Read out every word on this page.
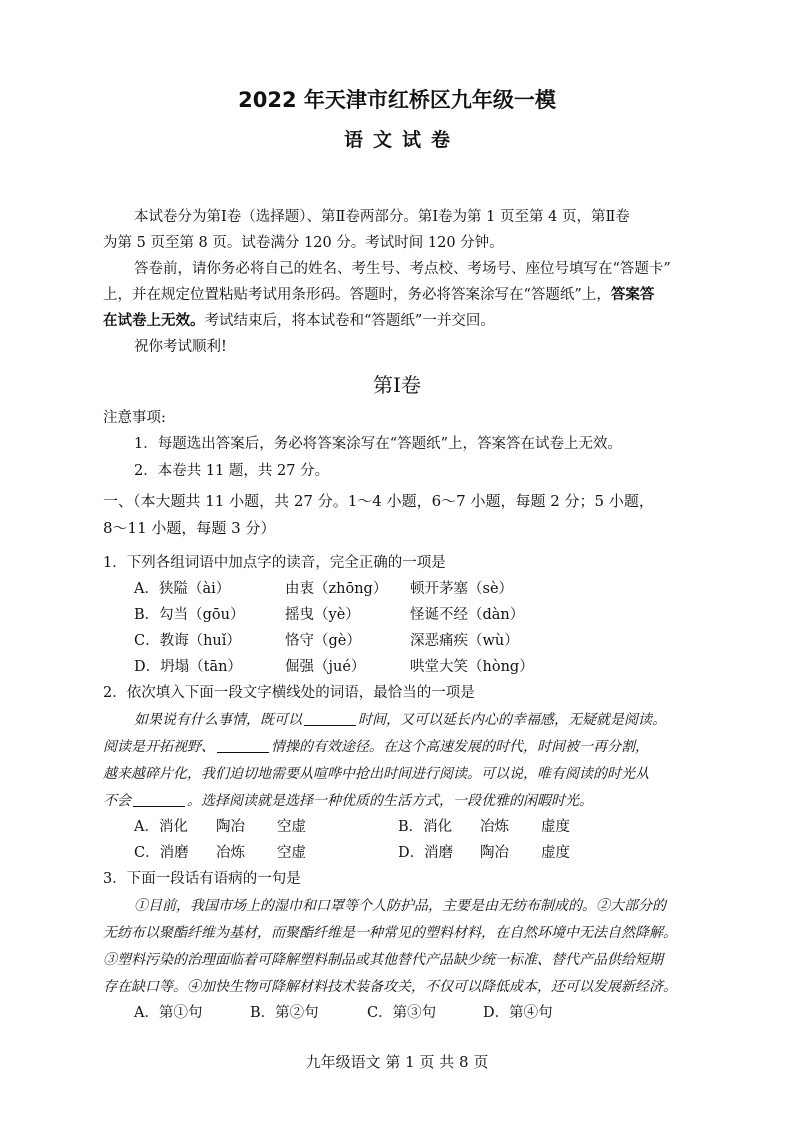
2022 年天津市红桥区九年级一模
语文试卷
本试卷分为第Ⅰ卷（选择题）、第Ⅱ卷两部分。第Ⅰ卷为第 1 页至第 4 页，第Ⅱ卷
为第 5 页至第 8 页。试卷满分 120 分。考试时间 120 分钟。
答卷前，请你务必将自己的姓名、考生号、考点校、考场号、座位号填写在“答题卡”
上，并在规定位置粘贴考试用条形码。答题时，务必将答案涂写在“答题纸”上，答案答
在试卷上无效。考试结束后，将本试卷和“答题纸”一并交回。
祝你考试顺利!
第Ⅰ卷
注意事项:
1．每题选出答案后，务必将答案涂写在“答题纸”上，答案答在试卷上无效。
2．本卷共 11 题，共 27 分。
一、（本大题共 11 小题，共 27 分。1～4 小题，6～7 小题，每题 2 分；5 小题，
8～11 小题，每题 3 分）
1．下列各组词语中加点字的读音，完全正确的一项是
A．狭隘（ài）	由衷（zhōng） 顿开茅塞（sè）
B．勾当（gōu）	摇曳（yè）	怪诞不经（dàn）
C．教诲（huǐ）	恪守（gè）	深恶痛疾（wù）
D．坍塌（tān）	倔强（jué）	哄堂大笑（hòng）
2．依次填入下面一段文字横线处的词语，最恰当的一项是
如果说有什么事情，既可以	时间，又可以延长内心的幸福感，无疑就是阅读。
阅读是开拓视野、	情操的有效途径。在这个高速发展的时代，时间被一再分割，
越来越碎片化，我们迫切地需要从喧哗中抢出时间进行阅读。可以说，唯有阅读的时光从
不会	。选择阅读就是选择一种优质的生活方式，一段优雅的闲暇时光。
A．消化 陶冶 空虚	B．消化 冶炼 虚度
C．消磨 冶炼 空虚	D．消磨 陶冶 虚度
3．下面一段话有语病的一句是
①目前，我国市场上的湿巾和口罩等个人防护品，主要是由无纺布制成的。②大部分的
无纺布以聚酯纤维为基材，而聚酯纤维是一种常见的塑料材料，在自然环境中无法自然降解。
③塑料污染的治理面临着可降解塑料制品或其他替代产品缺少统一标准、替代产品供给短期
存在缺口等。④加快生物可降解材料技术装备攻关，不仅可以降低成本，还可以发展新经济。
A．第①句	B．第②句	C．第③句	D．第④句
九年级语文 第 1 页 共 8 页
